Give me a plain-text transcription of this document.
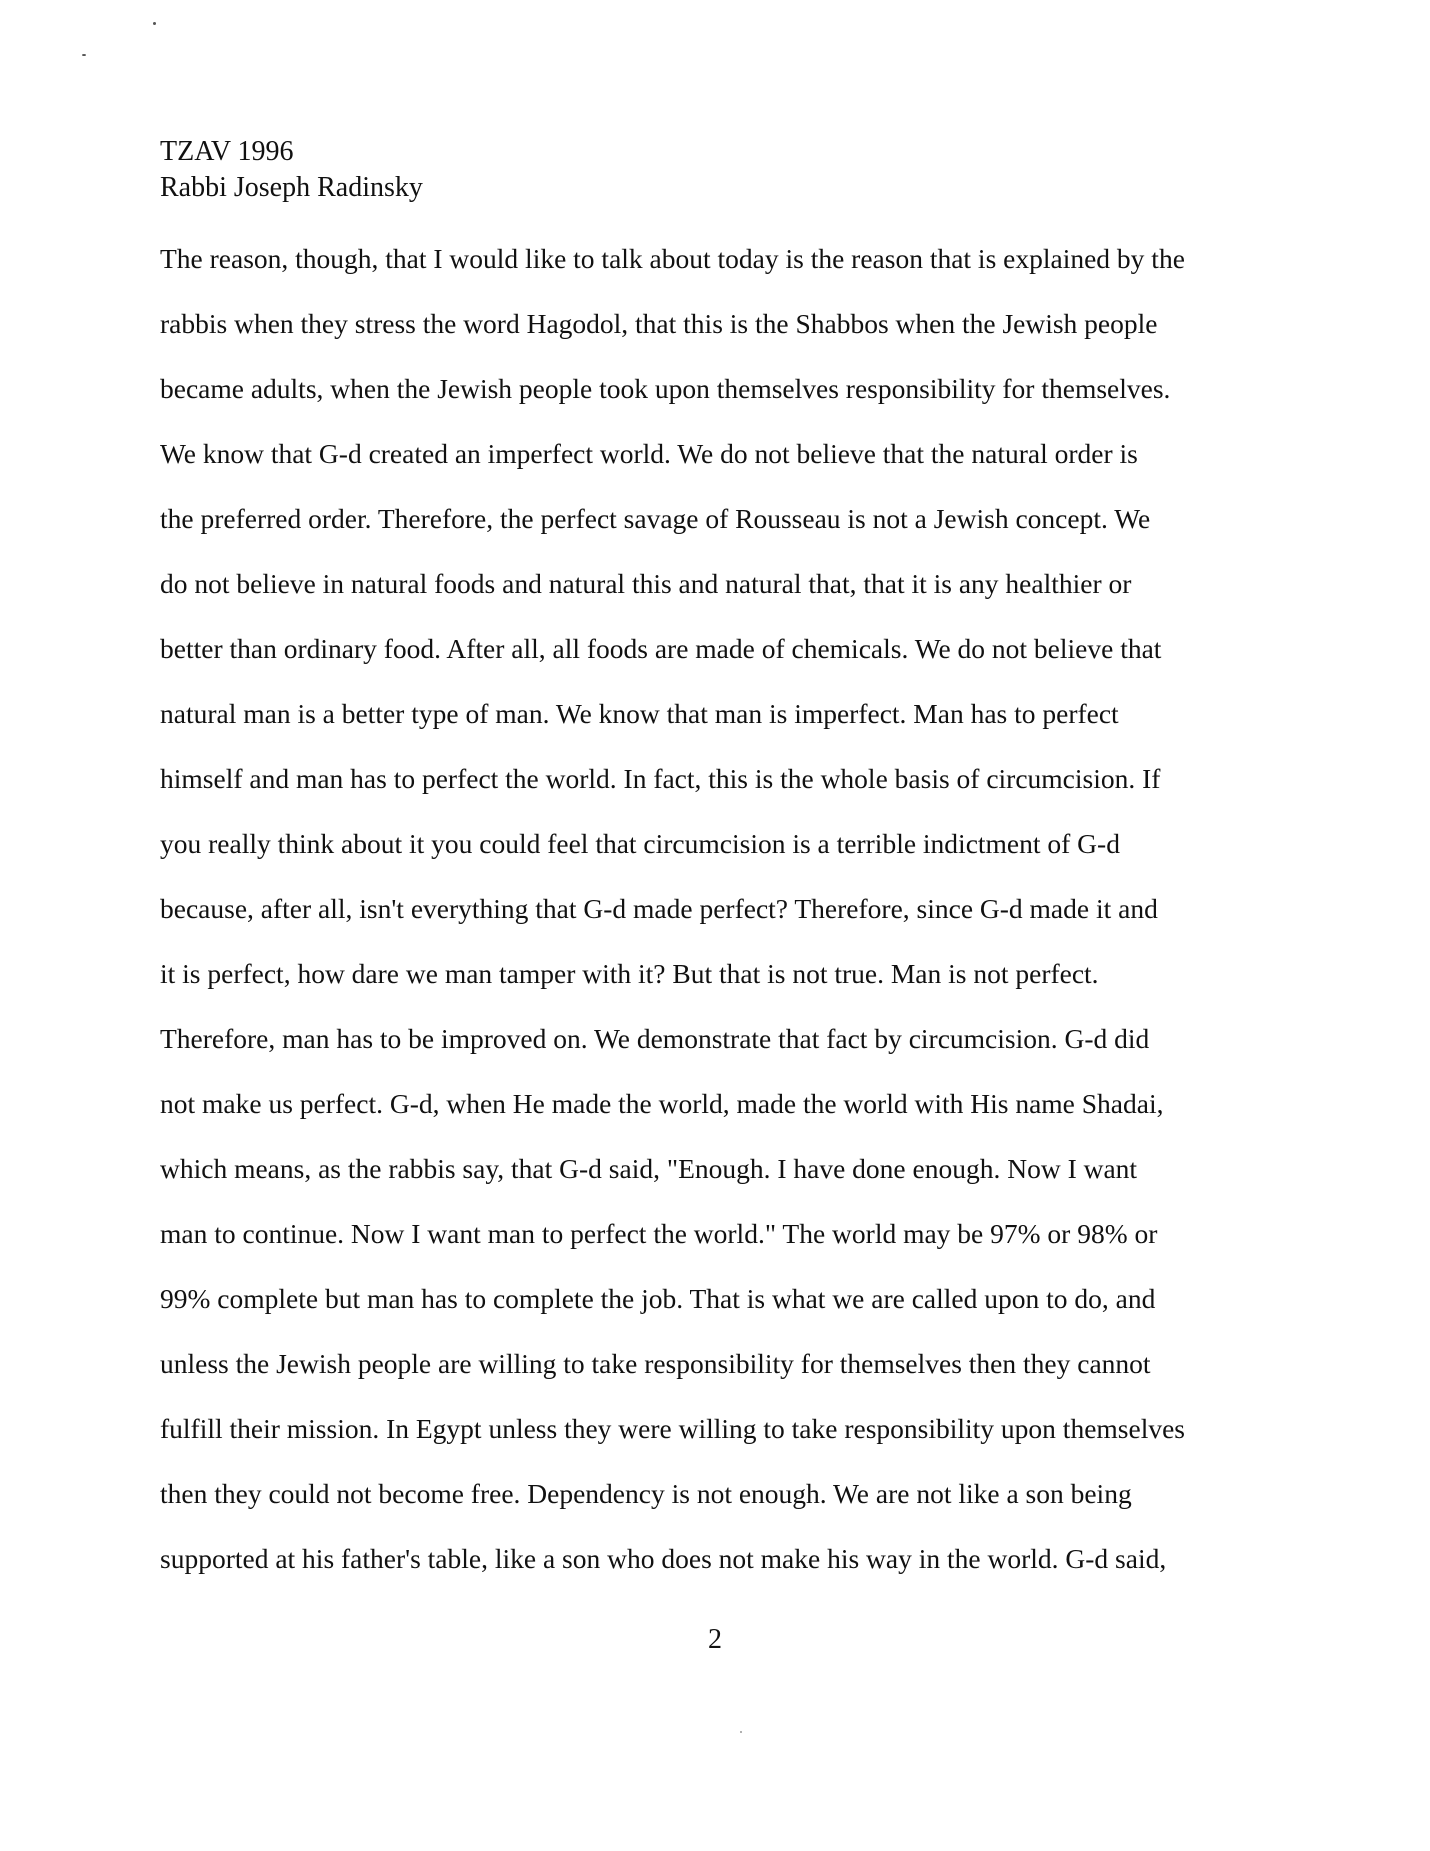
TZAV 1996
Rabbi Joseph Radinsky
The reason, though, that I would like to talk about today is the reason that is explained by the
rabbis when they stress the word Hagodol, that this is the Shabbos when the Jewish people
became adults, when the Jewish people took upon themselves responsibility for themselves.
We know that G-d created an imperfect world. We do not believe that the natural order is
the preferred order. Therefore, the perfect savage of Rousseau is not a Jewish concept. We
do not believe in natural foods and natural this and natural that, that it is any healthier or
better than ordinary food. After all, all foods are made of chemicals. We do not believe that
natural man is a better type of man. We know that man is imperfect. Man has to perfect
himself and man has to perfect the world. In fact, this is the whole basis of circumcision. If
you really think about it you could feel that circumcision is a terrible indictment of G-d
because, after all, isn't everything that G-d made perfect? Therefore, since G-d made it and
it is perfect, how dare we man tamper with it? But that is not true. Man is not perfect.
Therefore, man has to be improved on. We demonstrate that fact by circumcision. G-d did
not make us perfect. G-d, when He made the world, made the world with His name Shadai,
which means, as the rabbis say, that G-d said, "Enough. I have done enough. Now I want
man to continue. Now I want man to perfect the world." The world may be 97% or 98% or
99% complete but man has to complete the job. That is what we are called upon to do, and
unless the Jewish people are willing to take responsibility for themselves then they cannot
fulfill their mission. In Egypt unless they were willing to take responsibility upon themselves
then they could not become free. Dependency is not enough. We are not like a son being
supported at his father's table, like a son who does not make his way in the world. G-d said,
2
